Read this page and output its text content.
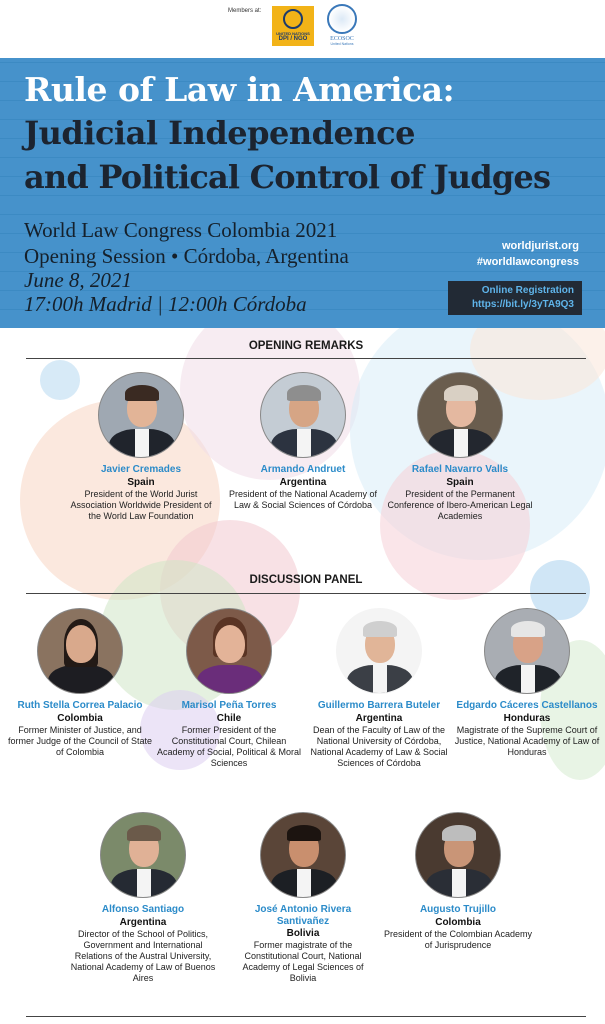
Members at:
UNITED NATIONS
DPI / NGO	ECOSOC
United Nations
Rule of Law in America:
Judicial Independence
and Political Control of Judges
World Law Congress Colombia 2021
Opening Session • Córdoba, Argentina
June 8, 2021
17:00h Madrid | 12:00h Córdoba
worldjurist.org
#worldlawcongress
Online Registration
https://bit.ly/3yTA9Q3
OPENING REMARKS
Javier Cremades
Spain
President of the World Jurist Association Worldwide President of the World Law Foundation
Armando Andruet
Argentina
President of the National Academy of Law & Social Sciences of Córdoba
Rafael Navarro Valls
Spain
President of the Permanent Conference of Ibero-American Legal Academies
DISCUSSION PANEL
Ruth Stella Correa Palacio
Colombia
Former Minister of Justice, and former Judge of the Council of State of Colombia
Marisol Peña Torres
Chile
Former President of the Constitutional Court, Chilean Academy of Social, Political & Moral Sciences
Guillermo Barrera Buteler
Argentina
Dean of the Faculty of Law of the National University of Córdoba, National Academy of Law & Social Sciences of Córdoba
Edgardo Cáceres Castellanos
Honduras
Magistrate of the Supreme Court of Justice, National Academy of Law of Honduras
Alfonso Santiago
Argentina
Director of the School of Politics, Government and International Relations of the Austral University, National Academy of Law of Buenos Aires
José Antonio Rivera Santivañez
Bolivia
Former magistrate of the Constitutional Court, National Academy of Legal Sciences of Bolivia
Augusto Trujillo
Colombia
President of the Colombian Academy of Jurisprudence
